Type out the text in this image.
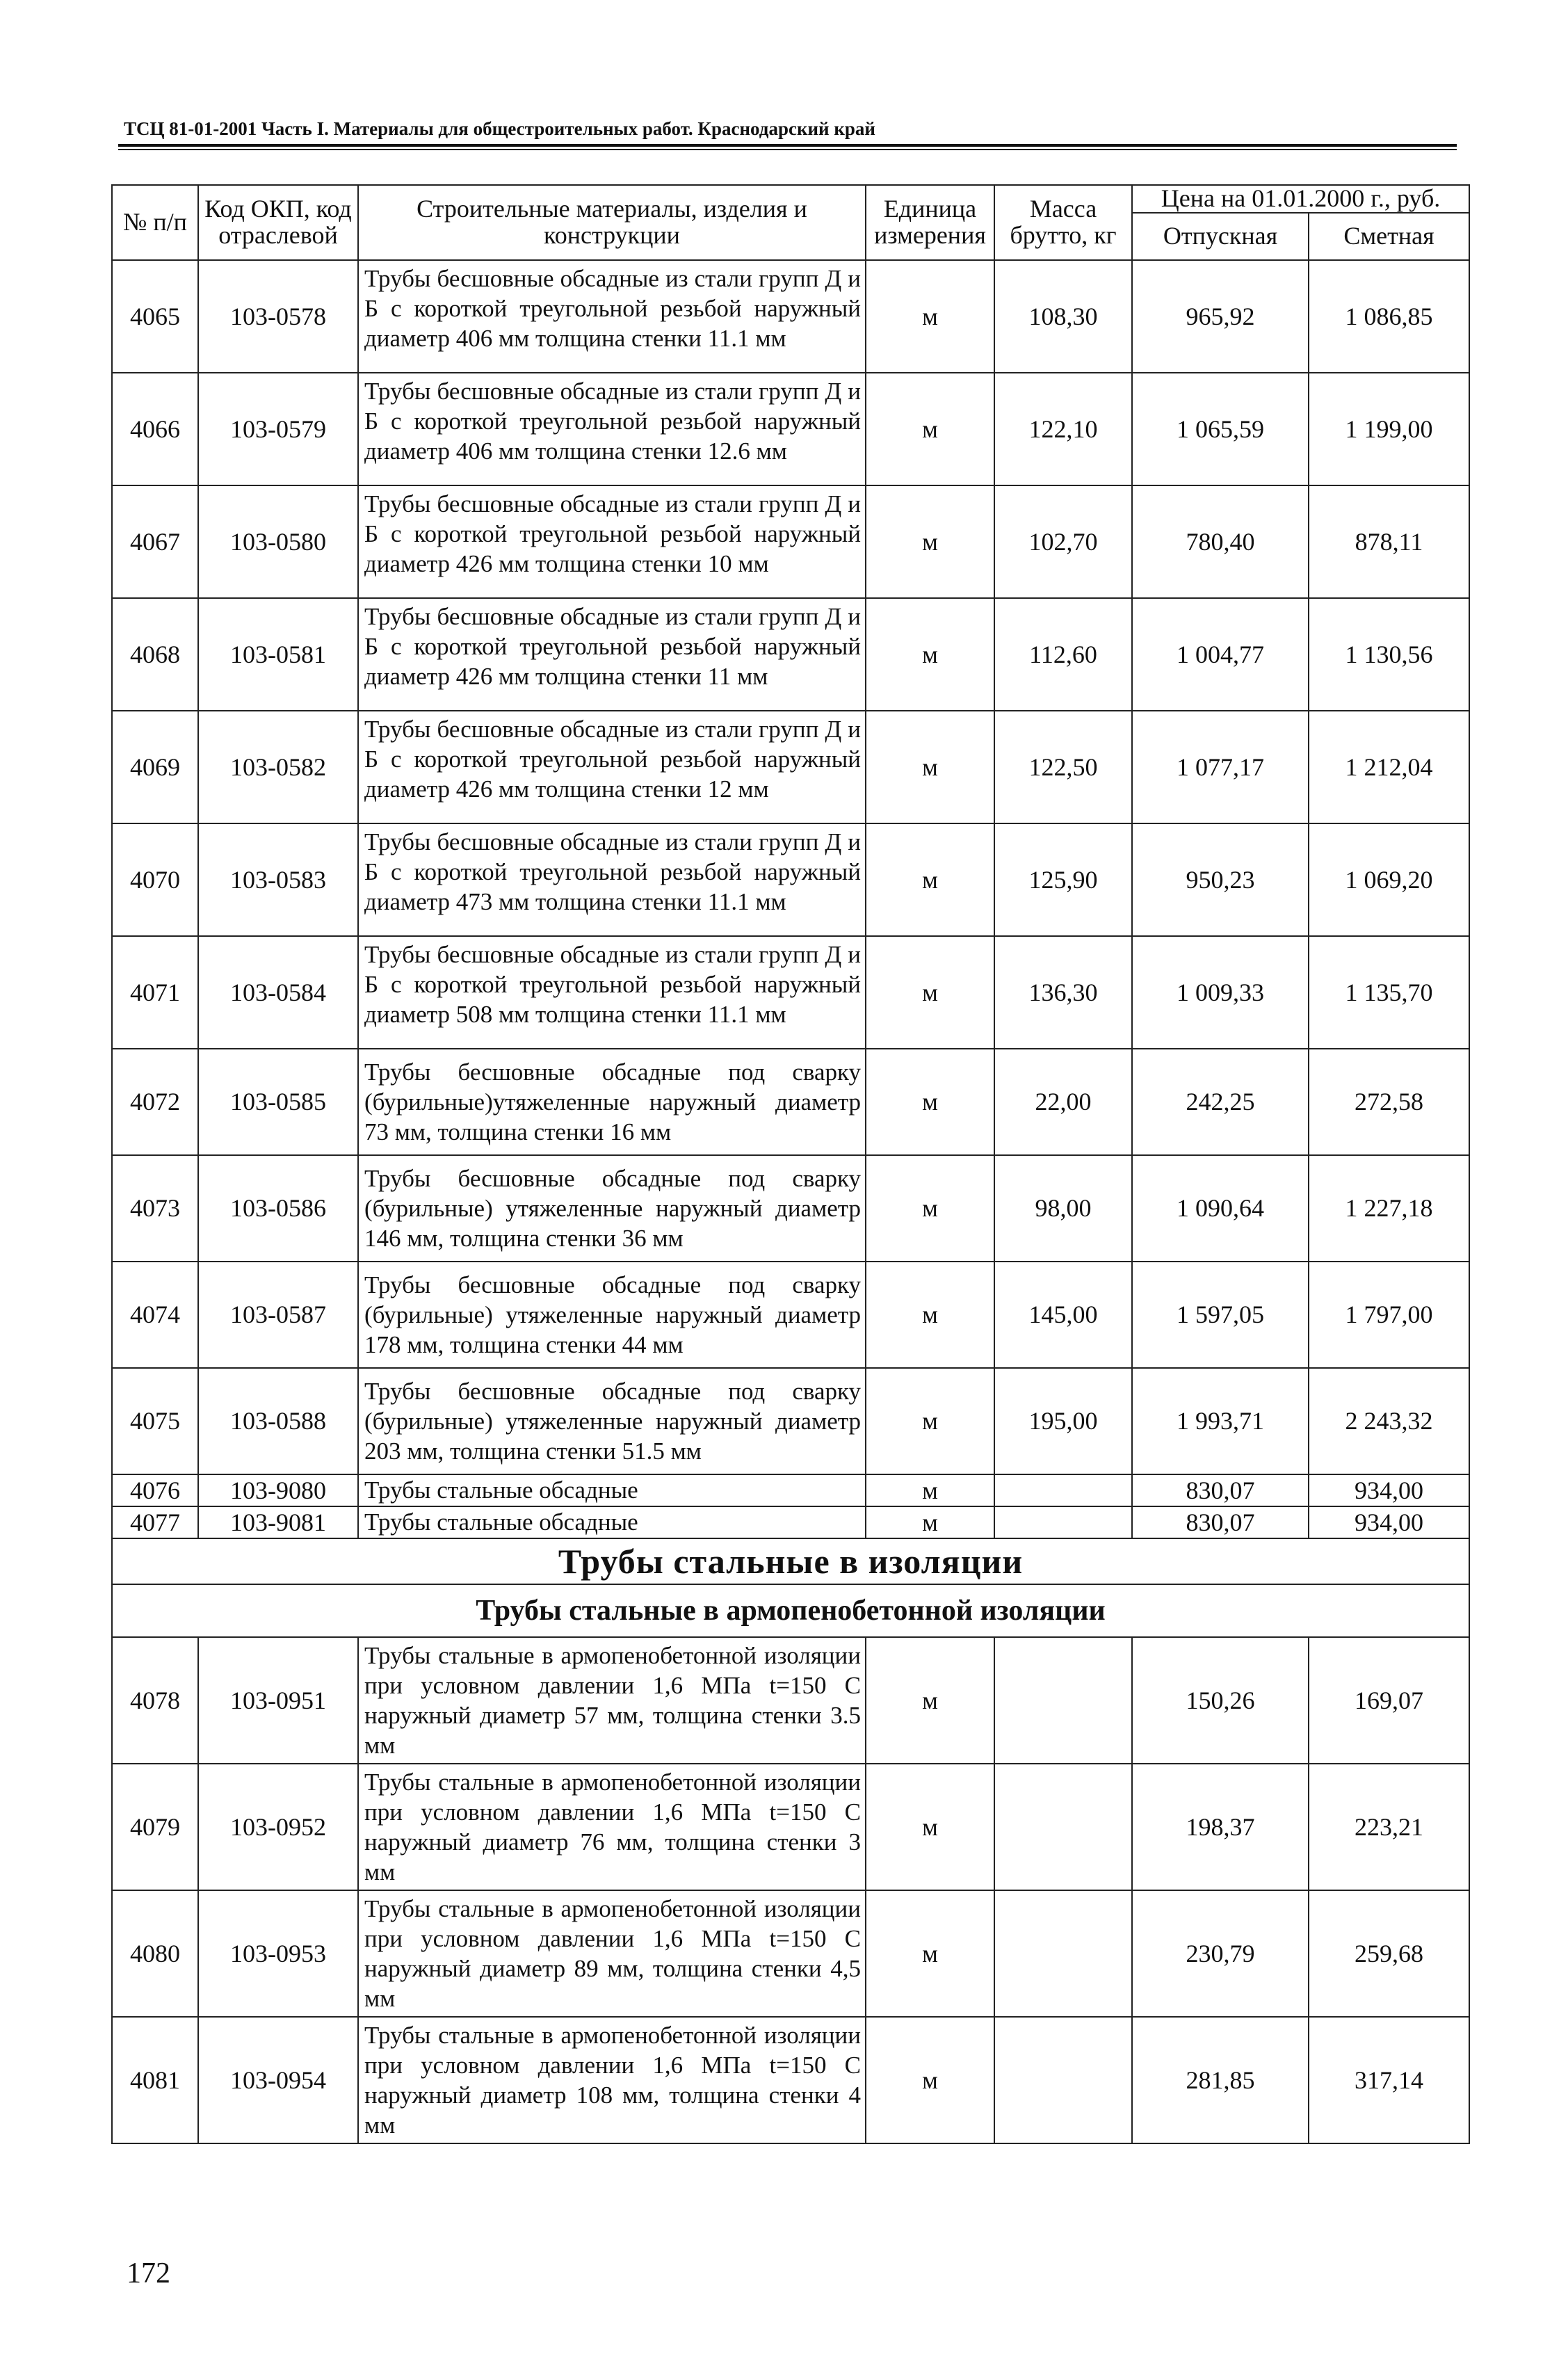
ТСЦ 81-01-2001 Часть I. Материалы для общестроительных работ. Краснодарский край
№ п/п	Код ОКП, код отраслевой	Строительные материалы, изделия и конструкции	Единица измерения	Масса брутто, кг	Цена на 01.01.2000 г., руб.	
					Отпускная	Сметная
4065	103-0578	Трубы бесшовные обсадные из стали групп Д и Б с короткой треугольной резьбой наружный диаметр 406 мм толщина стенки 11.1 мм	м	108,30	965,92	1 086,85
4066	103-0579	Трубы бесшовные обсадные из стали групп Д и Б с короткой треугольной резьбой наружный диаметр 406 мм толщина стенки 12.6 мм	м	122,10	1 065,59	1 199,00
4067	103-0580	Трубы бесшовные обсадные из стали групп Д и Б с короткой треугольной резьбой наружный диаметр 426 мм толщина стенки 10 мм	м	102,70	780,40	878,11
4068	103-0581	Трубы бесшовные обсадные из стали групп Д и Б с короткой треугольной резьбой наружный диаметр 426 мм толщина стенки 11 мм	м	112,60	1 004,77	1 130,56
4069	103-0582	Трубы бесшовные обсадные из стали групп Д и Б с короткой треугольной резьбой наружный диаметр 426 мм толщина стенки 12 мм	м	122,50	1 077,17	1 212,04
4070	103-0583	Трубы бесшовные обсадные из стали групп Д и Б с короткой треугольной резьбой наружный диаметр 473 мм толщина стенки 11.1 мм	м	125,90	950,23	1 069,20
4071	103-0584	Трубы бесшовные обсадные из стали групп Д и Б с короткой треугольной резьбой наружный диаметр 508 мм толщина стенки 11.1 мм	м	136,30	1 009,33	1 135,70
4072	103-0585	Трубы бесшовные обсадные под сварку (бурильные)утяжеленные наружный диаметр 73 мм, толщина стенки 16 мм	м	22,00	242,25	272,58
4073	103-0586	Трубы бесшовные обсадные под сварку (бурильные) утяжеленные наружный диаметр 146 мм, толщина стенки 36 мм	м	98,00	1 090,64	1 227,18
4074	103-0587	Трубы бесшовные обсадные под сварку (бурильные) утяжеленные наружный диаметр 178 мм, толщина стенки 44 мм	м	145,00	1 597,05	1 797,00
4075	103-0588	Трубы бесшовные обсадные под сварку (бурильные) утяжеленные наружный диаметр 203 мм, толщина стенки 51.5 мм	м	195,00	1 993,71	2 243,32
4076	103-9080	Трубы стальные обсадные	м		830,07	934,00
4077	103-9081	Трубы стальные обсадные	м		830,07	934,00
Трубы стальные в изоляции						
Трубы стальные в армопенобетонной изоляции						
4078	103-0951	Трубы стальные в армопенобетонной изоляции при условном давлении 1,6 МПа t=150 С наружный диаметр 57 мм, толщина стенки 3.5 мм	м		150,26	169,07
4079	103-0952	Трубы стальные в армопенобетонной изоляции при условном давлении 1,6 МПа t=150 С наружный диаметр 76 мм, толщина стенки 3 мм	м		198,37	223,21
4080	103-0953	Трубы стальные в армопенобетонной изоляции при условном давлении 1,6 МПа t=150 С наружный диаметр 89 мм, толщина стенки 4,5 мм	м		230,79	259,68
4081	103-0954	Трубы стальные в армопенобетонной изоляции при условном давлении 1,6 МПа t=150 С наружный диаметр 108 мм, толщина стенки 4 мм	м		281,85	317,14
172
